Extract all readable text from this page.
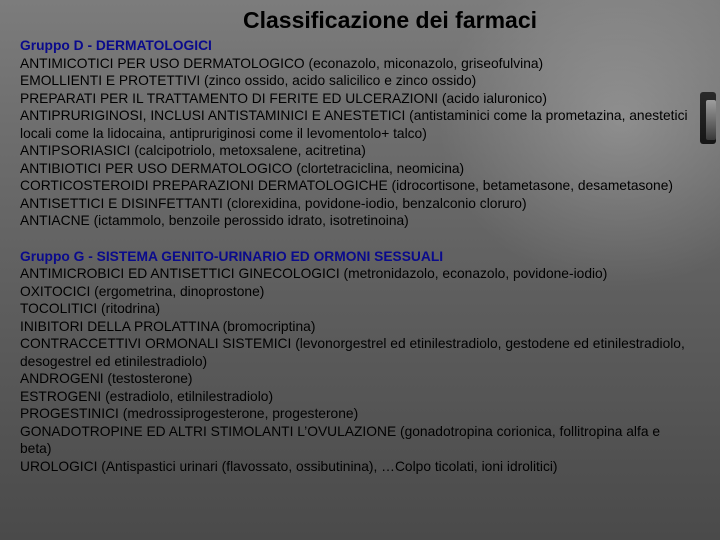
Classificazione dei farmaci
Gruppo D - DERMATOLOGICI
ANTIMICOTICI PER USO DERMATOLOGICO (econazolo, miconazolo, griseofulvina)
EMOLLIENTI E PROTETTIVI (zinco ossido, acido salicilico e zinco ossido)
PREPARATI PER IL TRATTAMENTO DI FERITE ED ULCERAZIONI (acido ialuronico)
ANTIPRURIGINOSI, INCLUSI ANTISTAMINICI E ANESTETICI (antistaminici come la prometazina, anestetici locali come la lidocaina, antipruriginosi come il levomentolo+ talco)
ANTIPSORIASICI (calcipotriolo, metoxsalene, acitretina)
ANTIBIOTICI PER USO DERMATOLOGICO (clortetraciclina, neomicina)
CORTICOSTEROIDI PREPARAZIONI DERMATOLOGICHE (idrocortisone, betametasone, desametasone)
ANTISETTICI E DISINFETTANTI (clorexidina, povidone-iodio, benzalconio cloruro)
ANTIACNE (ictammolo, benzoile perossido idrato, isotretinoina)
Gruppo G - SISTEMA GENITO-URINARIO ED ORMONI SESSUALI
ANTIMICROBICI ED ANTISETTICI GINECOLOGICI (metronidazolo, econazolo, povidone-iodio)
OXITOCICI (ergometrina, dinoprostone)
TOCOLITICI (ritodrina)
INIBITORI DELLA PROLATTINA (bromocriptina)
CONTRACCETTIVI ORMONALI SISTEMICI (levonorgestrel ed etinilestradiolo, gestodene ed etinilestradiolo, desogestrel ed etinilestradiolo)
ANDROGENI (testosterone)
ESTROGENI (estradiolo, etilnilestradiolo)
PROGESTINICI (medrossiprogesterone, progesterone)
GONADOTROPINE ED ALTRI STIMOLANTI L’OVULAZIONE (gonadotropina corionica, follitropina alfa e beta)
UROLOGICI (Antispastici urinari (flavossato, ossibutinina), …Colpo ticolati, ioni idrolitici)
